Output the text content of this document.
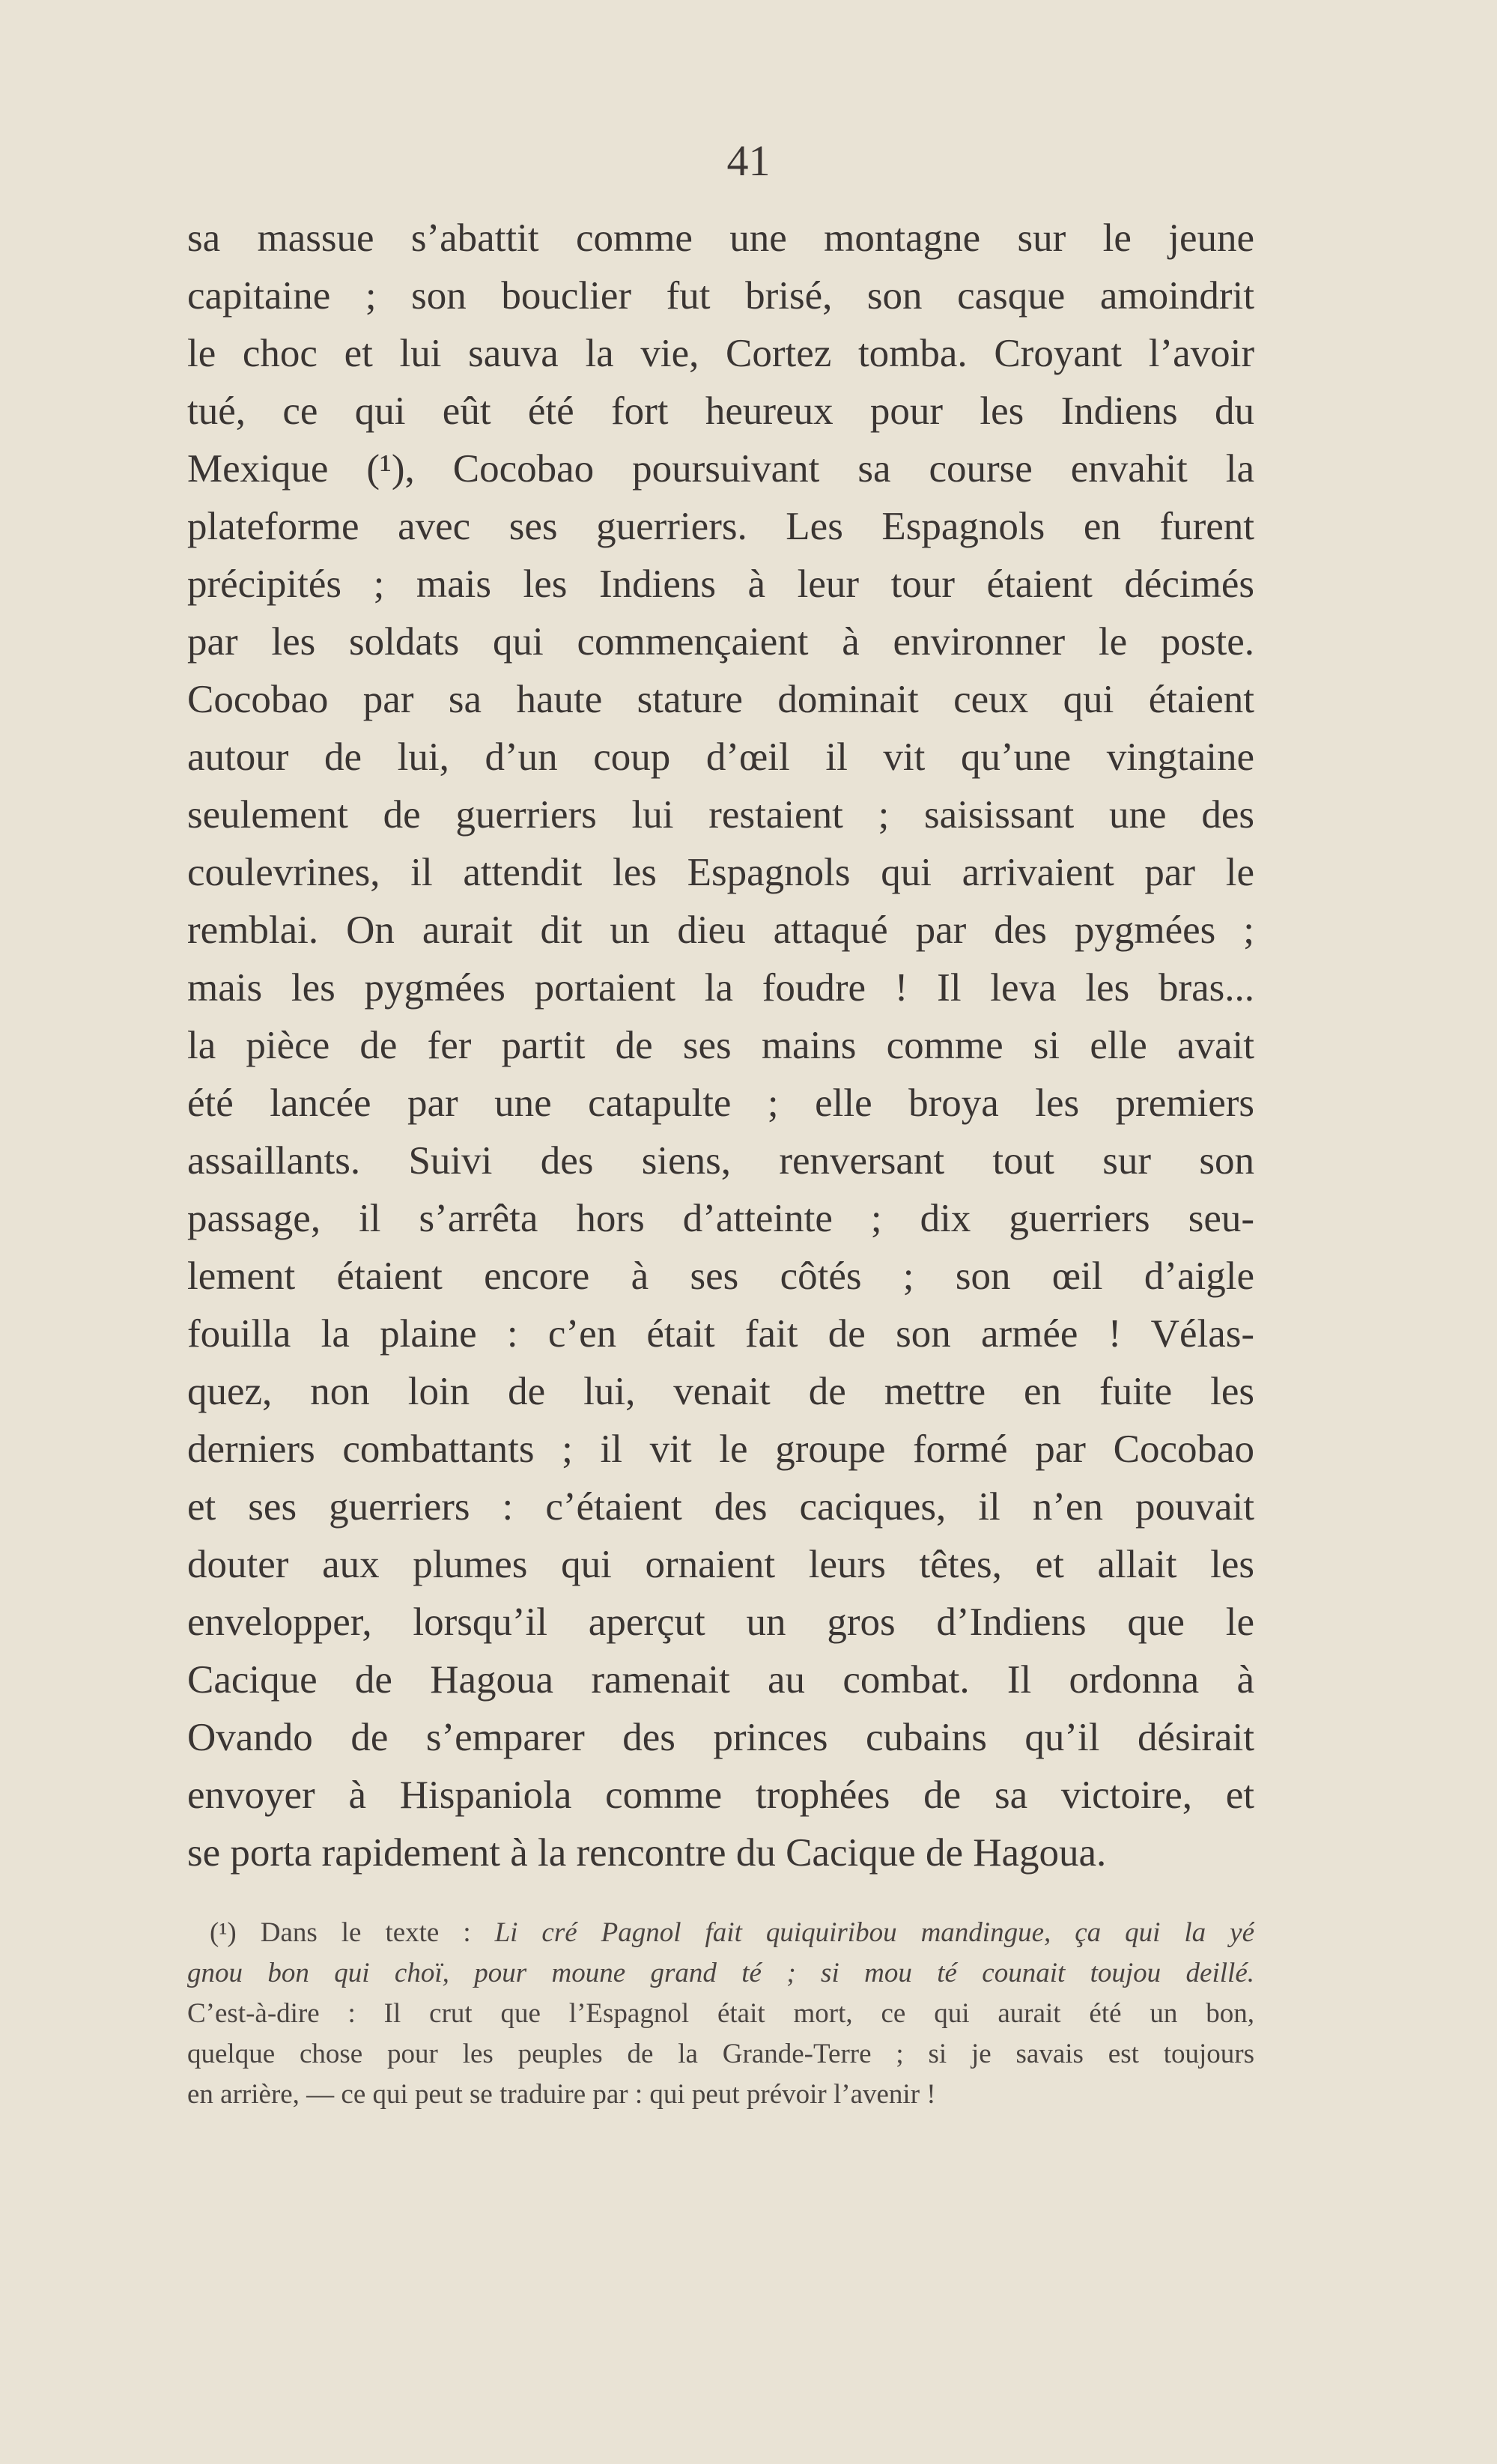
41
sa massue s’abattit comme une montagne sur le jeune
capitaine ; son bouclier fut brisé, son casque amoindrit
le choc et lui sauva la vie, Cortez tomba. Croyant l’avoir
tué, ce qui eût été fort heureux pour les Indiens du
Mexique (¹), Cocobao poursuivant sa course envahit la
plateforme avec ses guerriers. Les Espagnols en furent
précipités ; mais les Indiens à leur tour étaient décimés
par les soldats qui commençaient à environner le poste.
Cocobao par sa haute stature dominait ceux qui étaient
autour de lui, d’un coup d’œil il vit qu’une vingtaine
seulement de guerriers lui restaient ; saisissant une des
coulevrines, il attendit les Espagnols qui arrivaient par le
remblai. On aurait dit un dieu attaqué par des pygmées ;
mais les pygmées portaient la foudre ! Il leva les bras...
la pièce de fer partit de ses mains comme si elle avait
été lancée par une catapulte ; elle broya les premiers
assaillants. Suivi des siens, renversant tout sur son
passage, il s’arrêta hors d’atteinte ; dix guerriers seu-
lement étaient encore à ses côtés ; son œil d’aigle
fouilla la plaine : c’en était fait de son armée ! Vélas-
quez, non loin de lui, venait de mettre en fuite les
derniers combattants ; il vit le groupe formé par Cocobao
et ses guerriers : c’étaient des caciques, il n’en pouvait
douter aux plumes qui ornaient leurs têtes, et allait les
envelopper, lorsqu’il aperçut un gros d’Indiens que le
Cacique de Hagoua ramenait au combat. Il ordonna à
Ovando de s’emparer des princes cubains qu’il désirait
envoyer à Hispaniola comme trophées de sa victoire, et
se porta rapidement à la rencontre du Cacique de Hagoua.
(¹) Dans le texte : Li cré Pagnol fait quiquiribou mandingue, ça qui la yé
gnou bon qui choï, pour moune grand té ; si mou té counait toujou deillé.
C’est-à-dire : Il crut que l’Espagnol était mort, ce qui aurait été un bon,
quelque chose pour les peuples de la Grande-Terre ; si je savais est toujours
en arrière, — ce qui peut se traduire par : qui peut prévoir l’avenir !
